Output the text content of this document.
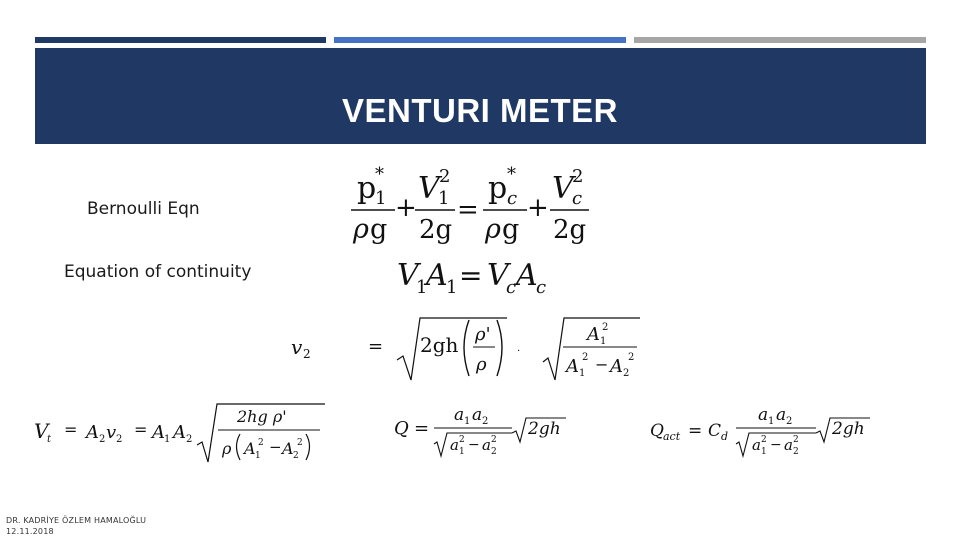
VENTURI METER
Bernoulli Eqn
Equation of continuity
p
1
*
ρ g
+
V
1
2
2g
=
p c
*
ρ g
+
V
c
2
2g
V
1
A
1 = V
c A
c
v 2	= 2gh ρ'
ρ
·
A 1
2
A 1
2 − A 2
2
V
t
= A 2 v 2
= A 1 A 2
2hg ρ'
ρ A 1
2 − A 2
2
Q =
a 1 a 2
a 1
2 − a 2
2
2gh	Q act = C d
a 1 a 2
a 1
2 − a 2
2
2gh
DR. KADRİYE ÖZLEM HAMALOĞLU
12.11.2018
